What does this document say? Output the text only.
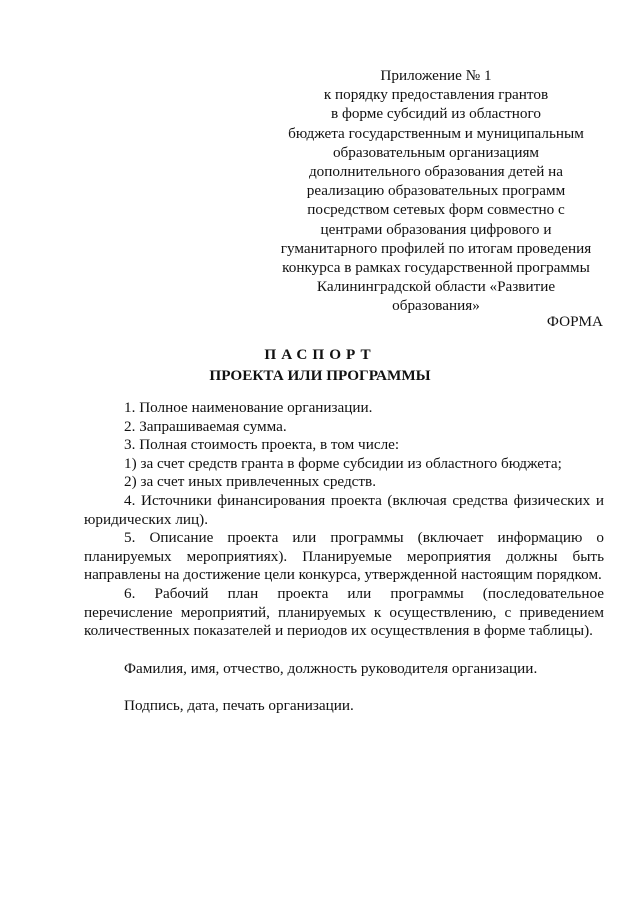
Приложение № 1
к порядку предоставления грантов
в форме субсидий из областного
бюджета государственным и муниципальным
образовательным организациям
дополнительного образования детей на
реализацию образовательных программ
посредством сетевых форм совместно с
центрами образования цифрового и
гуманитарного профилей по итогам проведения
конкурса в рамках государственной программы
Калининградской области «Развитие
образования»
ФОРМА
ПАСПОРТ
ПРОЕКТА ИЛИ ПРОГРАММЫ

1. Полное наименование организации.

2. Запрашиваемая сумма.

3. Полная стоимость проекта, в том числе:

1) за счет средств гранта в форме субсидии из областного бюджета;

2) за счет иных привлеченных средств.

4. Источники финансирования проекта (включая средства физических и юридических лиц).

5. Описание проекта или программы (включает информацию о планируемых мероприятиях). Планируемые мероприятия должны быть направлены на достижение цели конкурса, утвержденной настоящим порядком.

6. Рабочий план проекта или программы (последовательное перечисление мероприятий, планируемых к осуществлению, с приведением количественных показателей и периодов их осуществления в форме таблицы).

Фамилия, имя, отчество, должность руководителя организации.

Подпись, дата, печать организации.
